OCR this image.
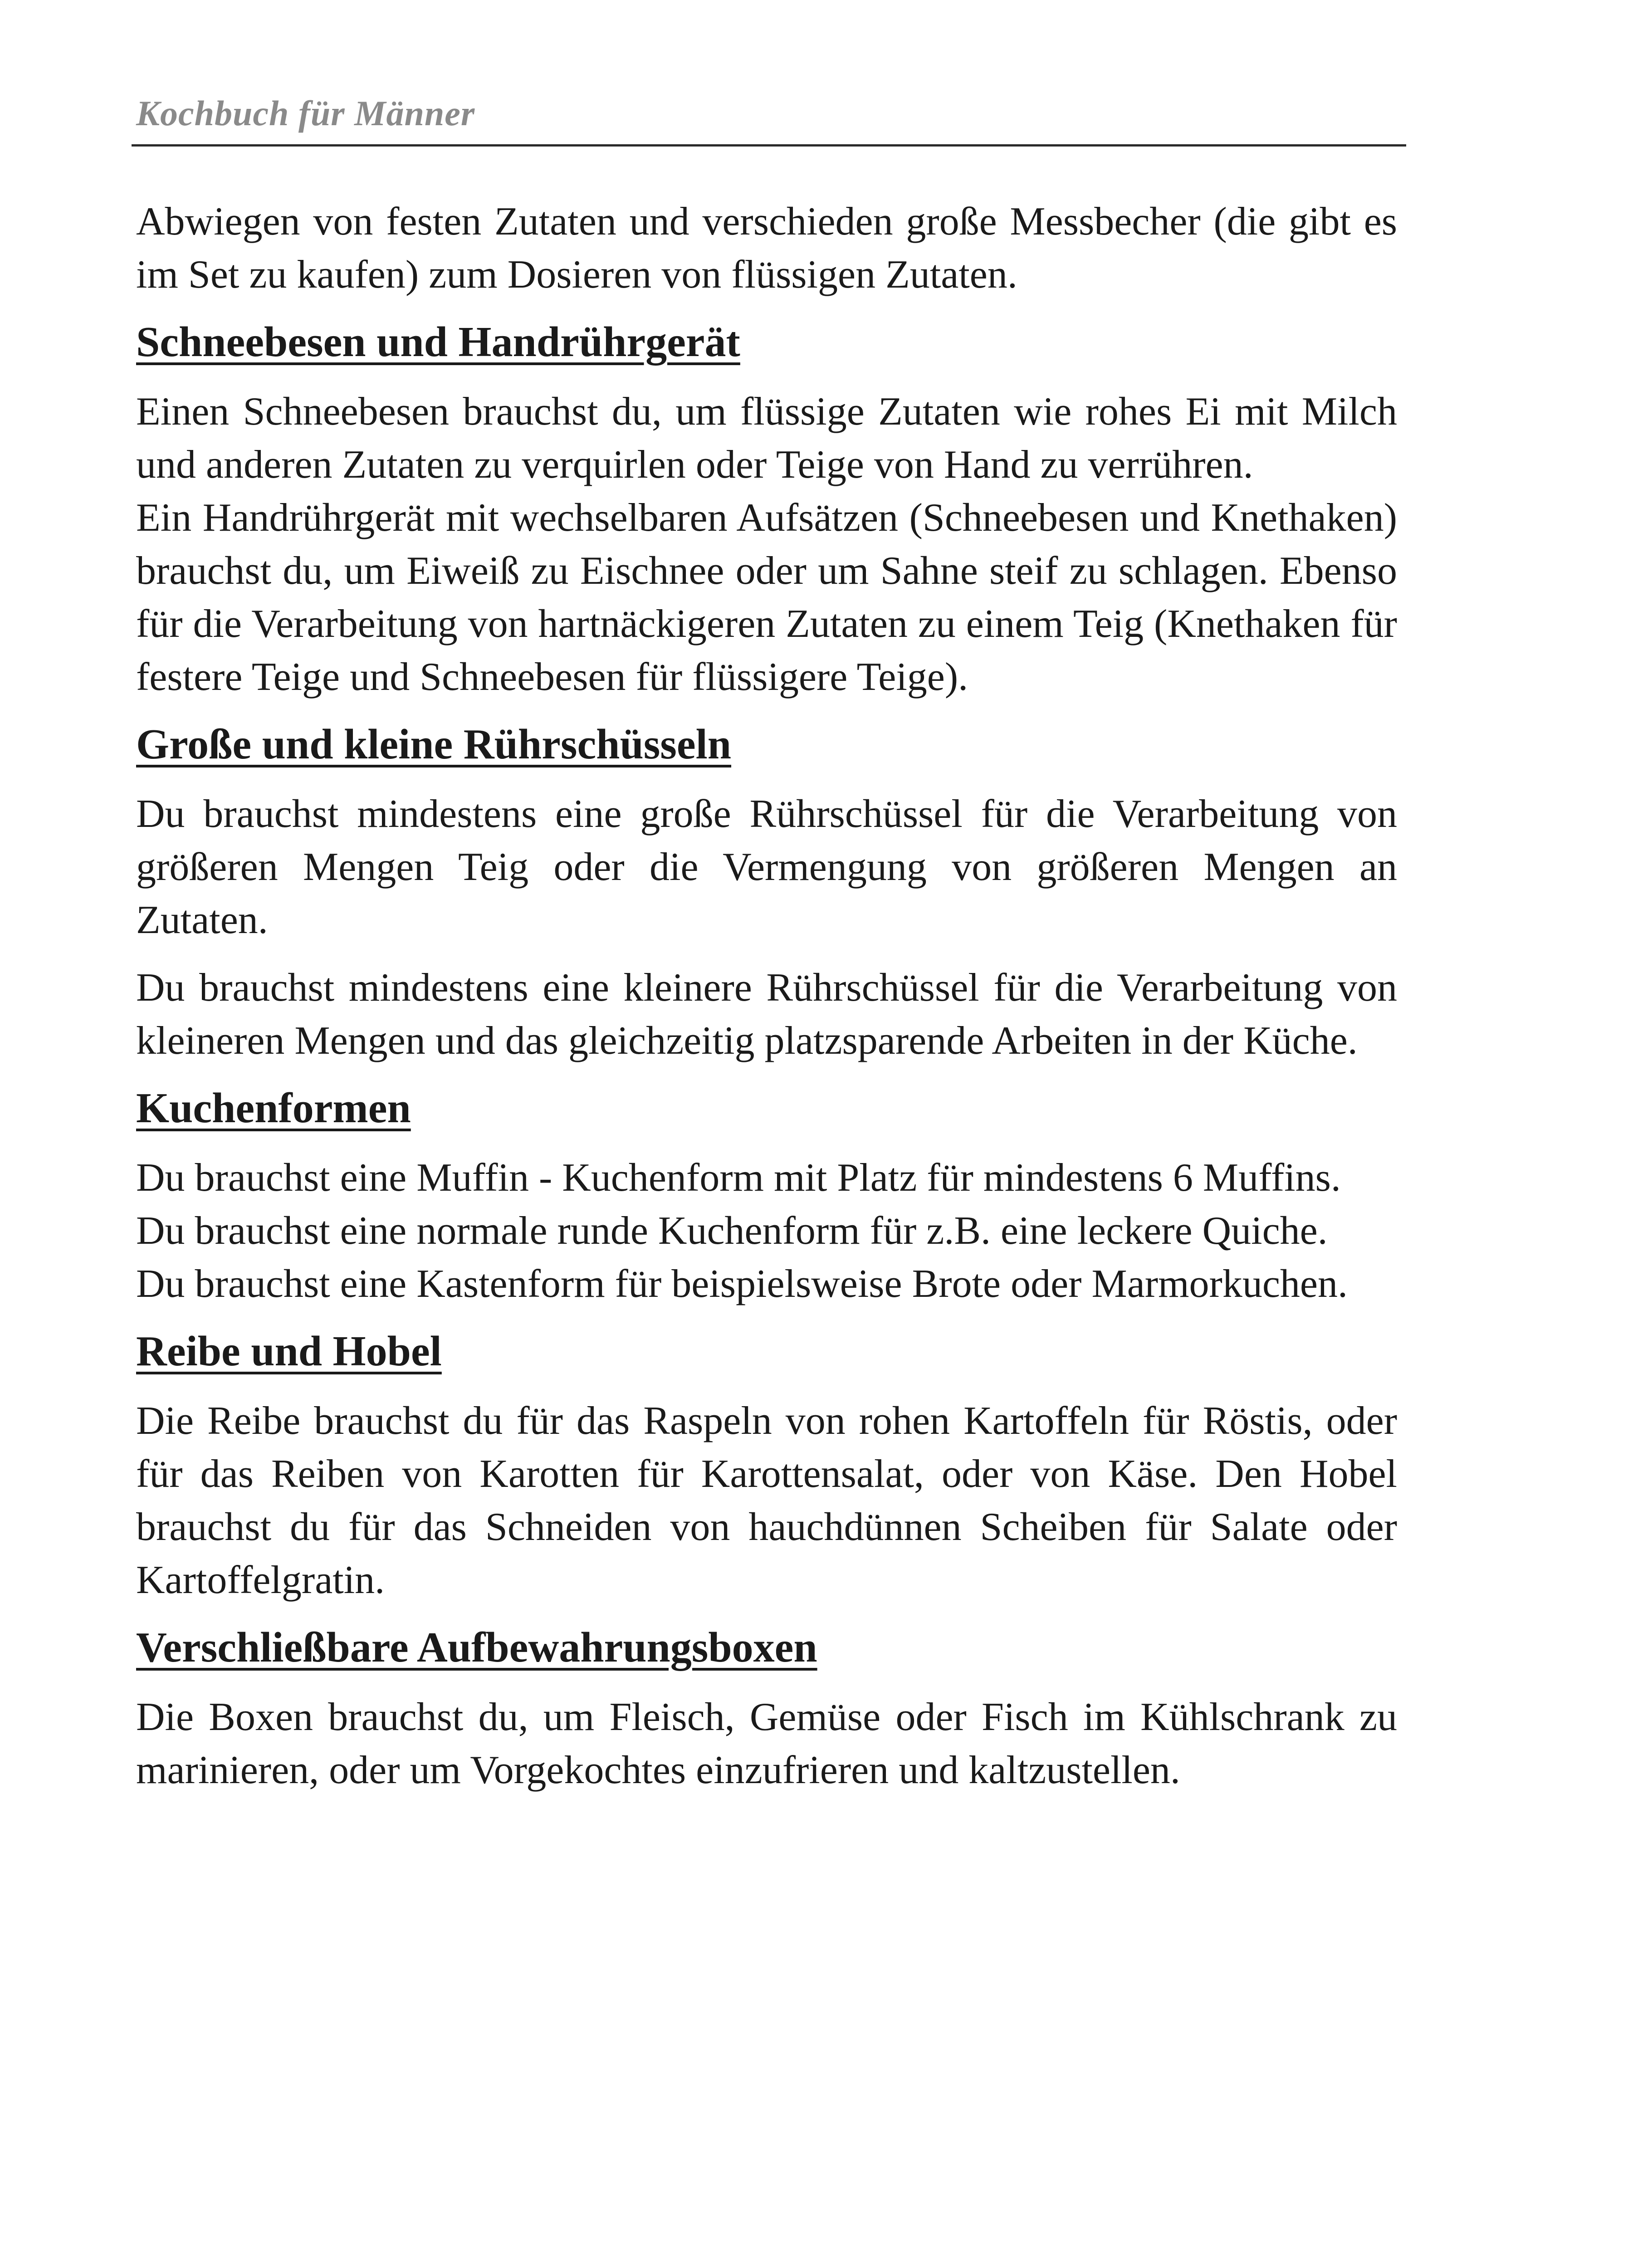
Kochbuch für Männer

Abwiegen von festen Zutaten und verschieden große Messbecher (die gibt es im Set zu kaufen) zum Dosieren von flüssigen Zutaten.

Schneebesen und Handrührgerät

Einen Schneebesen brauchst du, um flüssige Zutaten wie rohes Ei mit Milch und anderen Zutaten zu verquirlen oder Teige von Hand zu verrühren.

Ein Handrührgerät mit wechselbaren Aufsätzen (Schneebesen und Knethaken) brauchst du, um Eiweiß zu Eischnee oder um Sahne steif zu schlagen. Ebenso für die Verarbeitung von hartnäckigeren Zutaten zu einem Teig (Knethaken für festere Teige und Schneebesen für flüssigere Teige).

Große und kleine Rührschüsseln

Du brauchst mindestens eine große Rührschüssel für die Verarbeitung von größeren Mengen Teig oder die Vermengung von größeren Mengen an Zutaten.

Du brauchst mindestens eine kleinere Rührschüssel für die Verarbeitung von kleineren Mengen und das gleichzeitig platzsparende Arbeiten in der Küche.

Kuchenformen

Du brauchst eine Muffin - Kuchenform mit Platz für mindestens 6 Muffins.

Du brauchst eine normale runde Kuchenform für z.B. eine leckere Quiche.

Du brauchst eine Kastenform für beispielsweise Brote oder Marmorkuchen.

Reibe und Hobel

Die Reibe brauchst du für das Raspeln von rohen Kartoffeln für Röstis, oder für das Reiben von Karotten für Karottensalat, oder von Käse. Den Hobel brauchst du für das Schneiden von hauchdünnen Scheiben für Salate oder Kartoffelgratin.

Verschließbare Aufbewahrungsboxen

Die Boxen brauchst du, um Fleisch, Gemüse oder Fisch im Kühlschrank zu marinieren, oder um Vorgekochtes einzufrieren und kaltzustellen.
